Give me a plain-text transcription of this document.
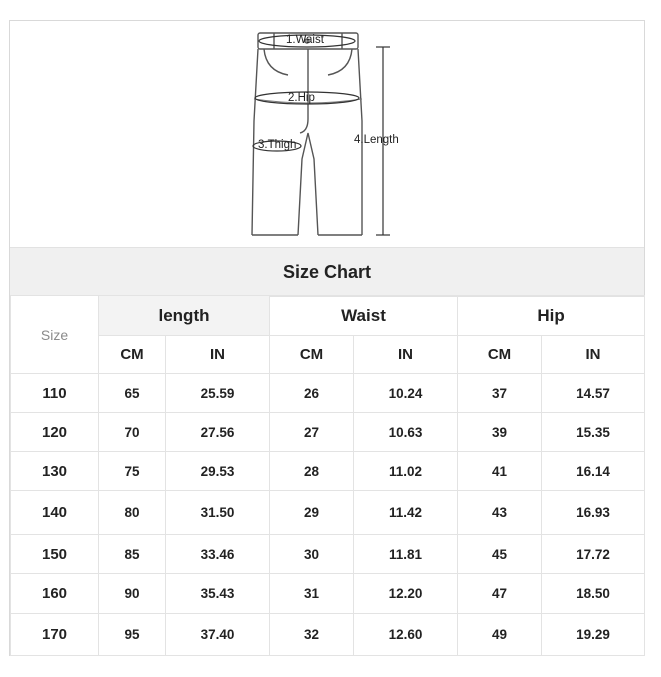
1.Waist
2.Hip
3.Thigh	4.Length
Size Chart
Size	length		Waist		Hip	
	CM	IN	CM	IN	CM	IN
110	65	25.59	26	10.24	37	14.57
120	70	27.56	27	10.63	39	15.35
130	75	29.53	28	11.02	41	16.14
140	80	31.50	29	11.42	43	16.93
150	85	33.46	30	11.81	45	17.72
160	90	35.43	31	12.20	47	18.50
170	95	37.40	32	12.60	49	19.29
